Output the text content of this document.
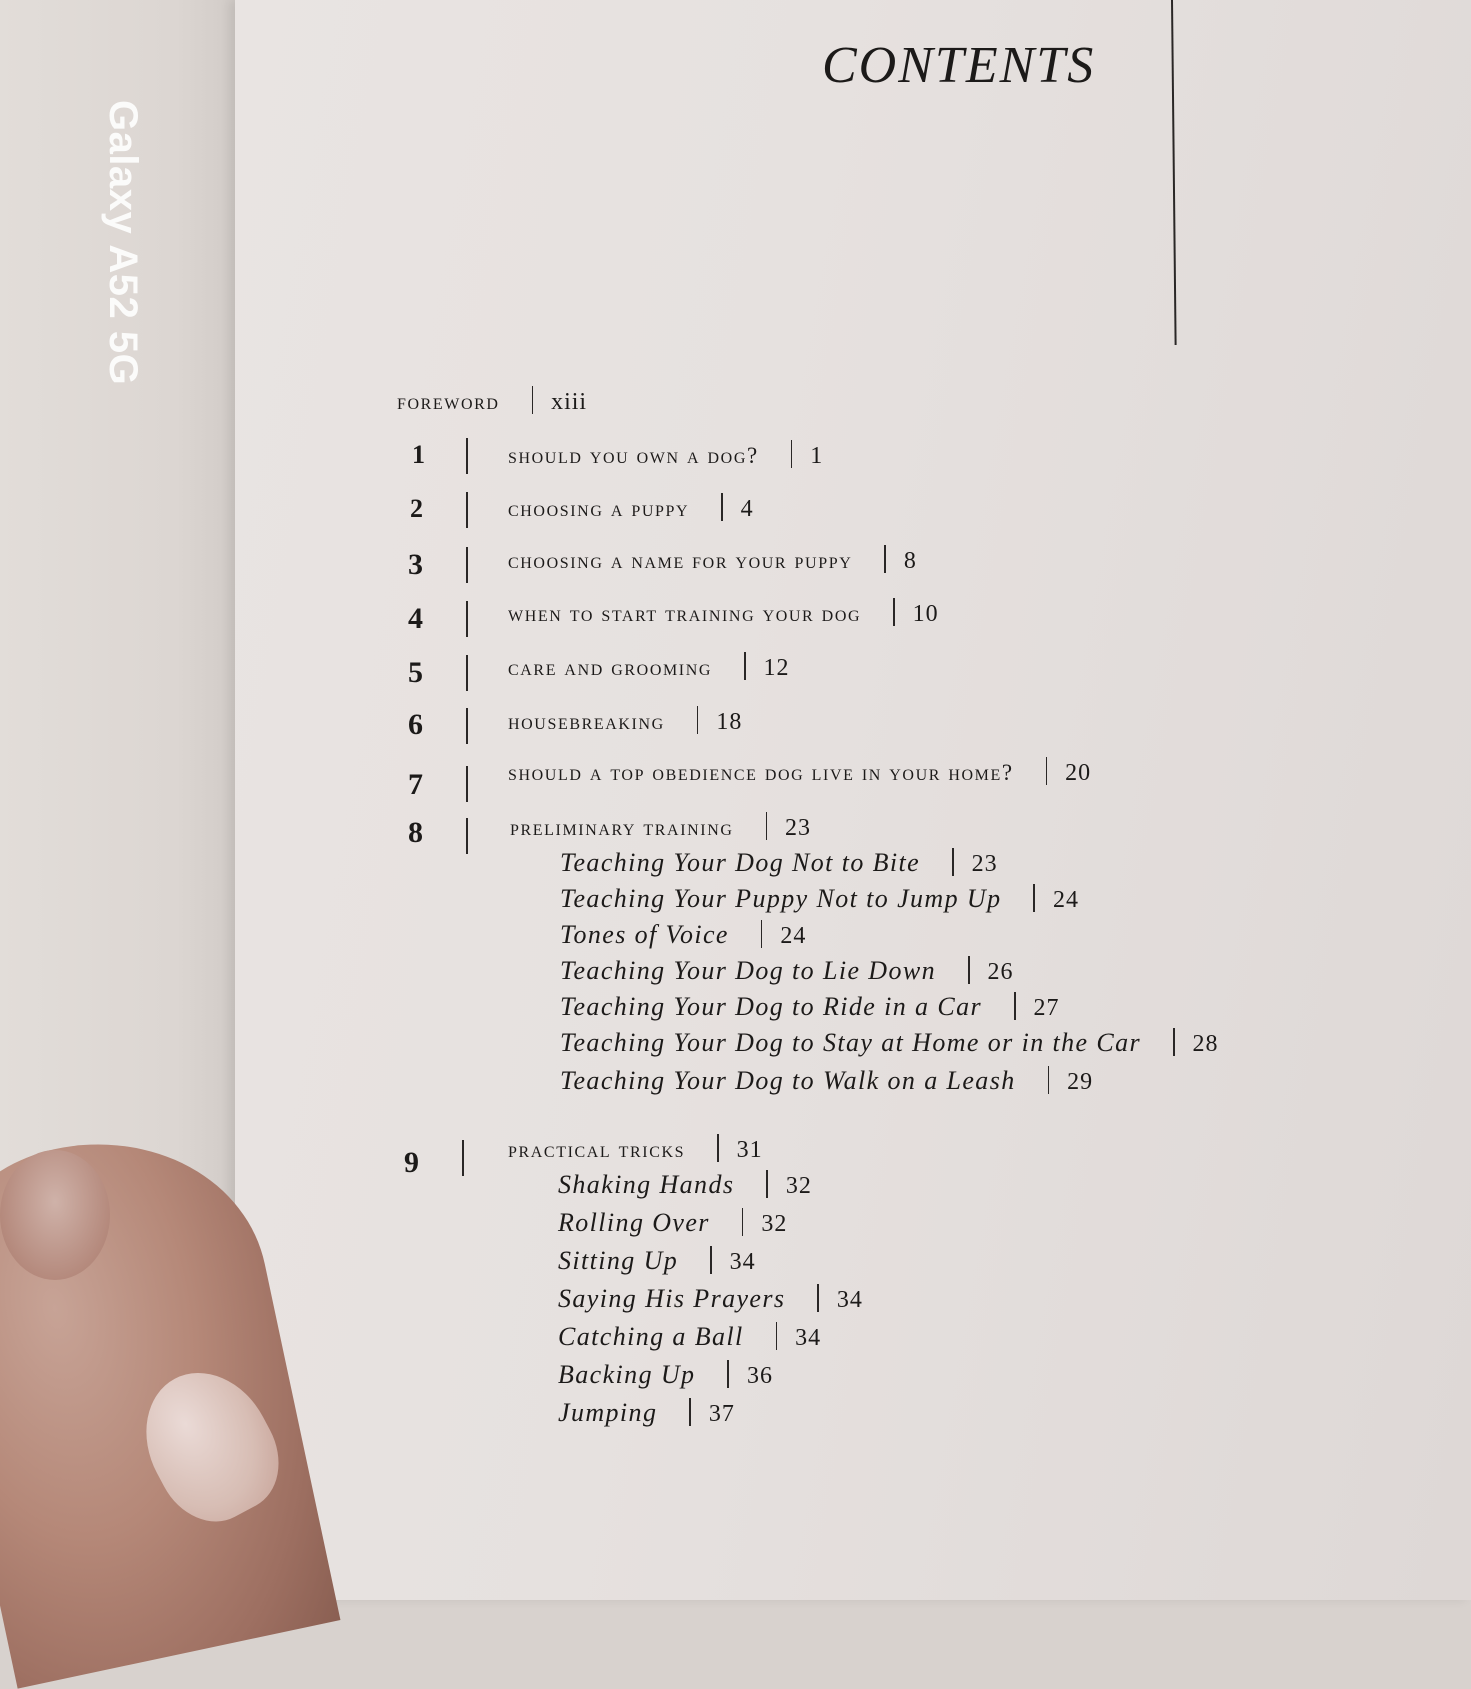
Galaxy A52 5G
CONTENTS
foreword xiii
1	should you own a dog? 1
2	choosing a puppy 4
3	choosing a name for your puppy 8
4	when to start training your dog 10
5	care and grooming 12
6	housebreaking 18
7	should a top obedience dog live in your home? 20
8	preliminary training 23
Teaching Your Dog Not to Bite 23
Teaching Your Puppy Not to Jump Up 24
Tones of Voice 24
Teaching Your Dog to Lie Down 26
Teaching Your Dog to Ride in a Car 27
Teaching Your Dog to Stay at Home or in the Car 28
Teaching Your Dog to Walk on a Leash 29
9	practical tricks 31
Shaking Hands 32
Rolling Over 32
Sitting Up 34
Saying His Prayers 34
Catching a Ball 34
Backing Up 36
Jumping 37
